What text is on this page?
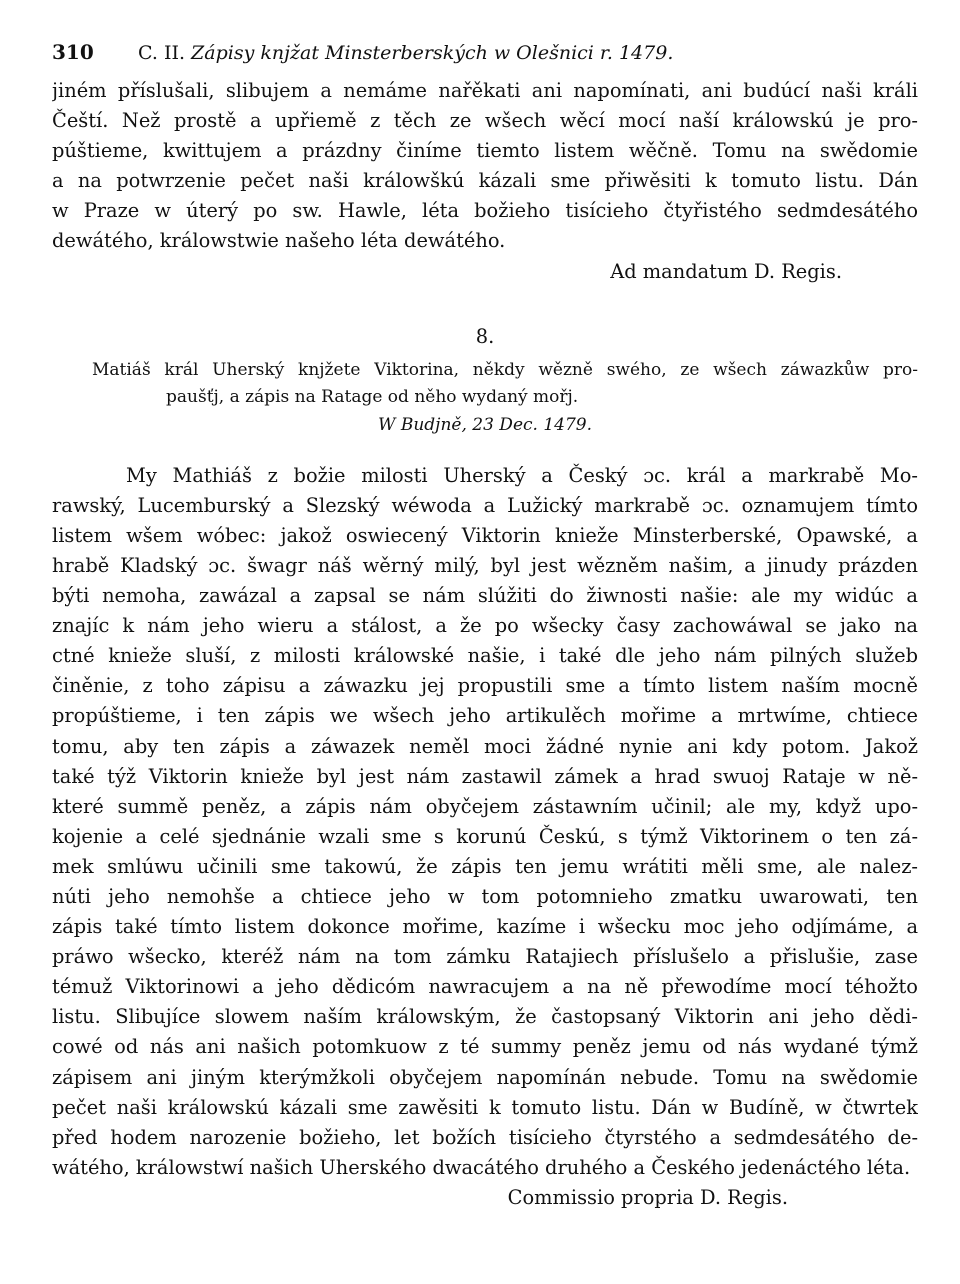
310	C. II. Zápisy knjžat Minsterberských w Olešnici r. 1479.
jiném příslušali, slibujem a nemáme nařěkati ani napomínati, ani budúcí naši králi
Čeští. Než prostě a upřiemě z těch ze wšech wěcí mocí naší králowskú je pro-
púštieme, kwittujem a prázdny činíme tiemto listem wěčně. Tomu na swědomie
a na potwrzenie pečet naši králowškú kázali sme přiwěsiti k tomuto listu. Dán
w Praze w úterý po sw. Hawle, léta božieho tisícieho čtyřistého sedmdesátého
dewátého, králowstwie našeho léta dewátého.
Ad mandatum D. Regis.
8.
Matiáš král Uherský knjžete Viktorina, někdy wězně swého, ze wšech záwazkůw pro-
paušťj, a zápis na Ratage od něho wydaný mořj.
W Budjně, 23 Dec. 1479.
My Mathiáš z božie milosti Uherský a Český ɔc. král a markrabě Mo-
rawský, Lucemburský a Slezský wéwoda a Lužický markrabě ɔc. oznamujem tímto
listem wšem wóbec: jakož oswiecený Viktorin knieže Minsterberské, Opawské, a
hrabě Kladský ɔc. šwagr náš wěrný milý, byl jest wězněm našim, a jinudy prázden
býti nemoha, zawázal a zapsal se nám slúžiti do žiwnosti našie: ale my widúc a
znajíc k nám jeho wieru a stálost, a že po wšecky časy zachowáwal se jako na
ctné knieže sluší, z milosti králowské našie, i také dle jeho nám pilných služeb
činěnie, z toho zápisu a záwazku jej propustili sme a tímto listem naším mocně
propúštieme, i ten zápis we wšech jeho artikulěch mořime a mrtwíme, chtiece
tomu, aby ten zápis a záwazek neměl moci žádné nynie ani kdy potom. Jakož
také týž Viktorin knieže byl jest nám zastawil zámek a hrad swuoj Rataje w ně-
které summě peněz, a zápis nám obyčejem zástawním učinil; ale my, když upo-
kojenie a celé sjednánie wzali sme s korunú Českú, s týmž Viktorinem o ten zá-
mek smlúwu učinili sme takowú, že zápis ten jemu wrátiti měli sme, ale nalez-
núti jeho nemohše a chtiece jeho w tom potomnieho zmatku uwarowati, ten
zápis také tímto listem dokonce mořime, kazíme i wšecku moc jeho odjímáme, a
práwo wšecko, kteréž nám na tom zámku Ratajiech příslušelo a přislušie, zase
témuž Viktorinowi a jeho dědicóm nawracujem a na ně přewodíme mocí téhožto
listu. Slibujíce slowem naším králowským, že častopsaný Viktorin ani jeho dědi-
cowé od nás ani našich potomkuow z té summy peněz jemu od nás wydané týmž
zápisem ani jiným kterýmžkoli obyčejem napomínán nebude. Tomu na swědomie
pečet naši králowskú kázali sme zawěsiti k tomuto listu. Dán w Budíně, w čtwrtek
před hodem narozenie božieho, let božích tisícieho čtyrstého a sedmdesátého de-
wátého, králowstwí našich Uherského dwacátého druhého a Českého jedenáctého léta.
Commissio propria D. Regis.
